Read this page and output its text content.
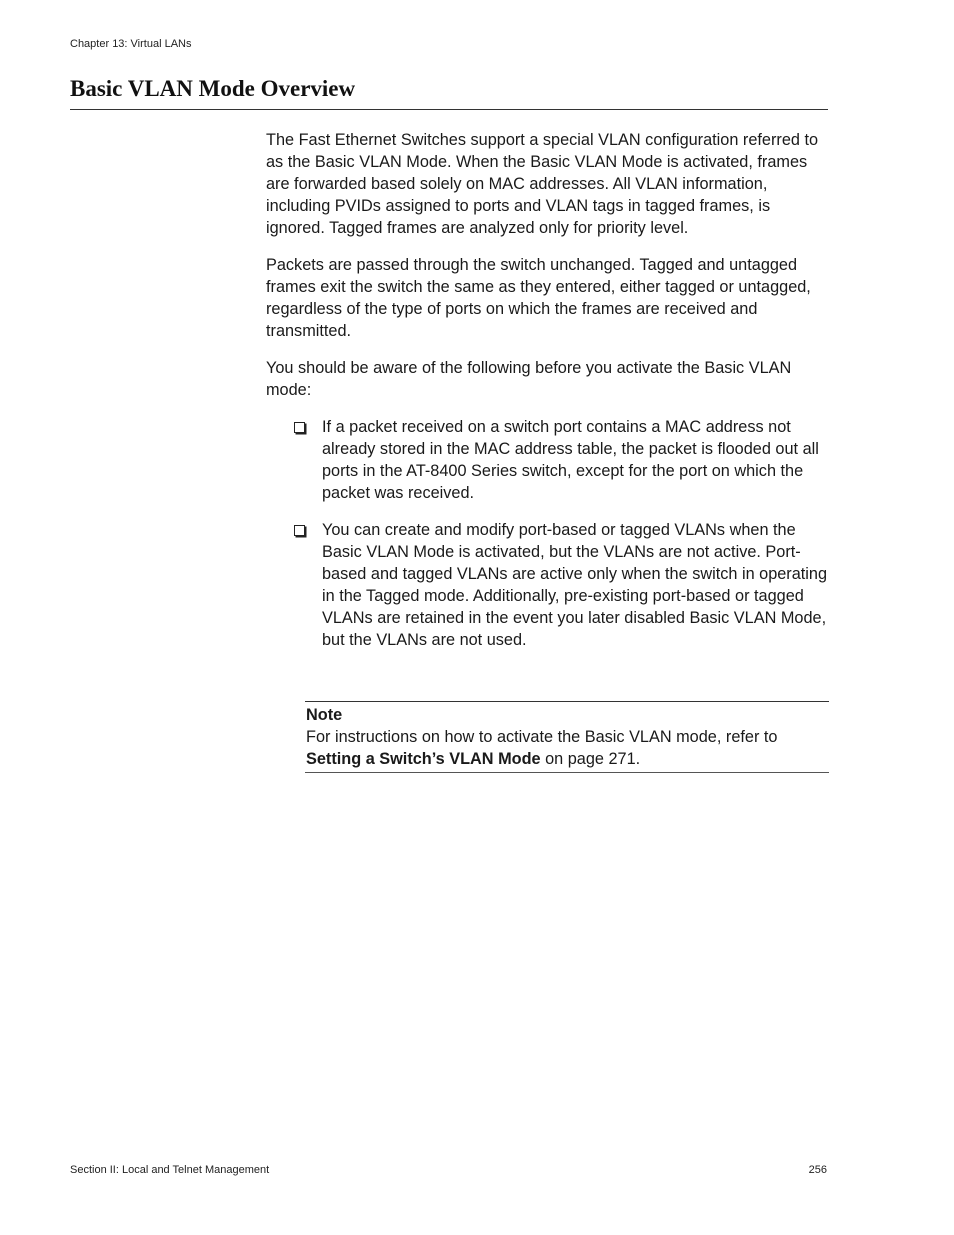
Chapter 13: Virtual LANs
Basic VLAN Mode Overview

The Fast Ethernet Switches support a special VLAN configuration referred to as the Basic VLAN Mode. When the Basic VLAN Mode is activated, frames are forwarded based solely on MAC addresses. All VLAN information, including PVIDs assigned to ports and VLAN tags in tagged frames, is ignored. Tagged frames are analyzed only for priority level.

Packets are passed through the switch unchanged. Tagged and untagged frames exit the switch the same as they entered, either tagged or untagged, regardless of the type of ports on which the frames are received and transmitted.

You should be aware of the following before you activate the Basic VLAN mode:

If a packet received on a switch port contains a MAC address not already stored in the MAC address table, the packet is flooded out all ports in the AT-8400 Series switch, except for the port on which the packet was received.
You can create and modify port-based or tagged VLANs when the Basic VLAN Mode is activated, but the VLANs are not active. Port-based and tagged VLANs are active only when the switch in operating in the Tagged mode. Additionally, pre-existing port-based or tagged VLANs are retained in the event you later disabled Basic VLAN Mode, but the VLANs are not used.
Note
For instructions on how to activate the Basic VLAN mode, refer to Setting a Switch’s VLAN Mode on page 271.
Section II: Local and Telnet Management	256
